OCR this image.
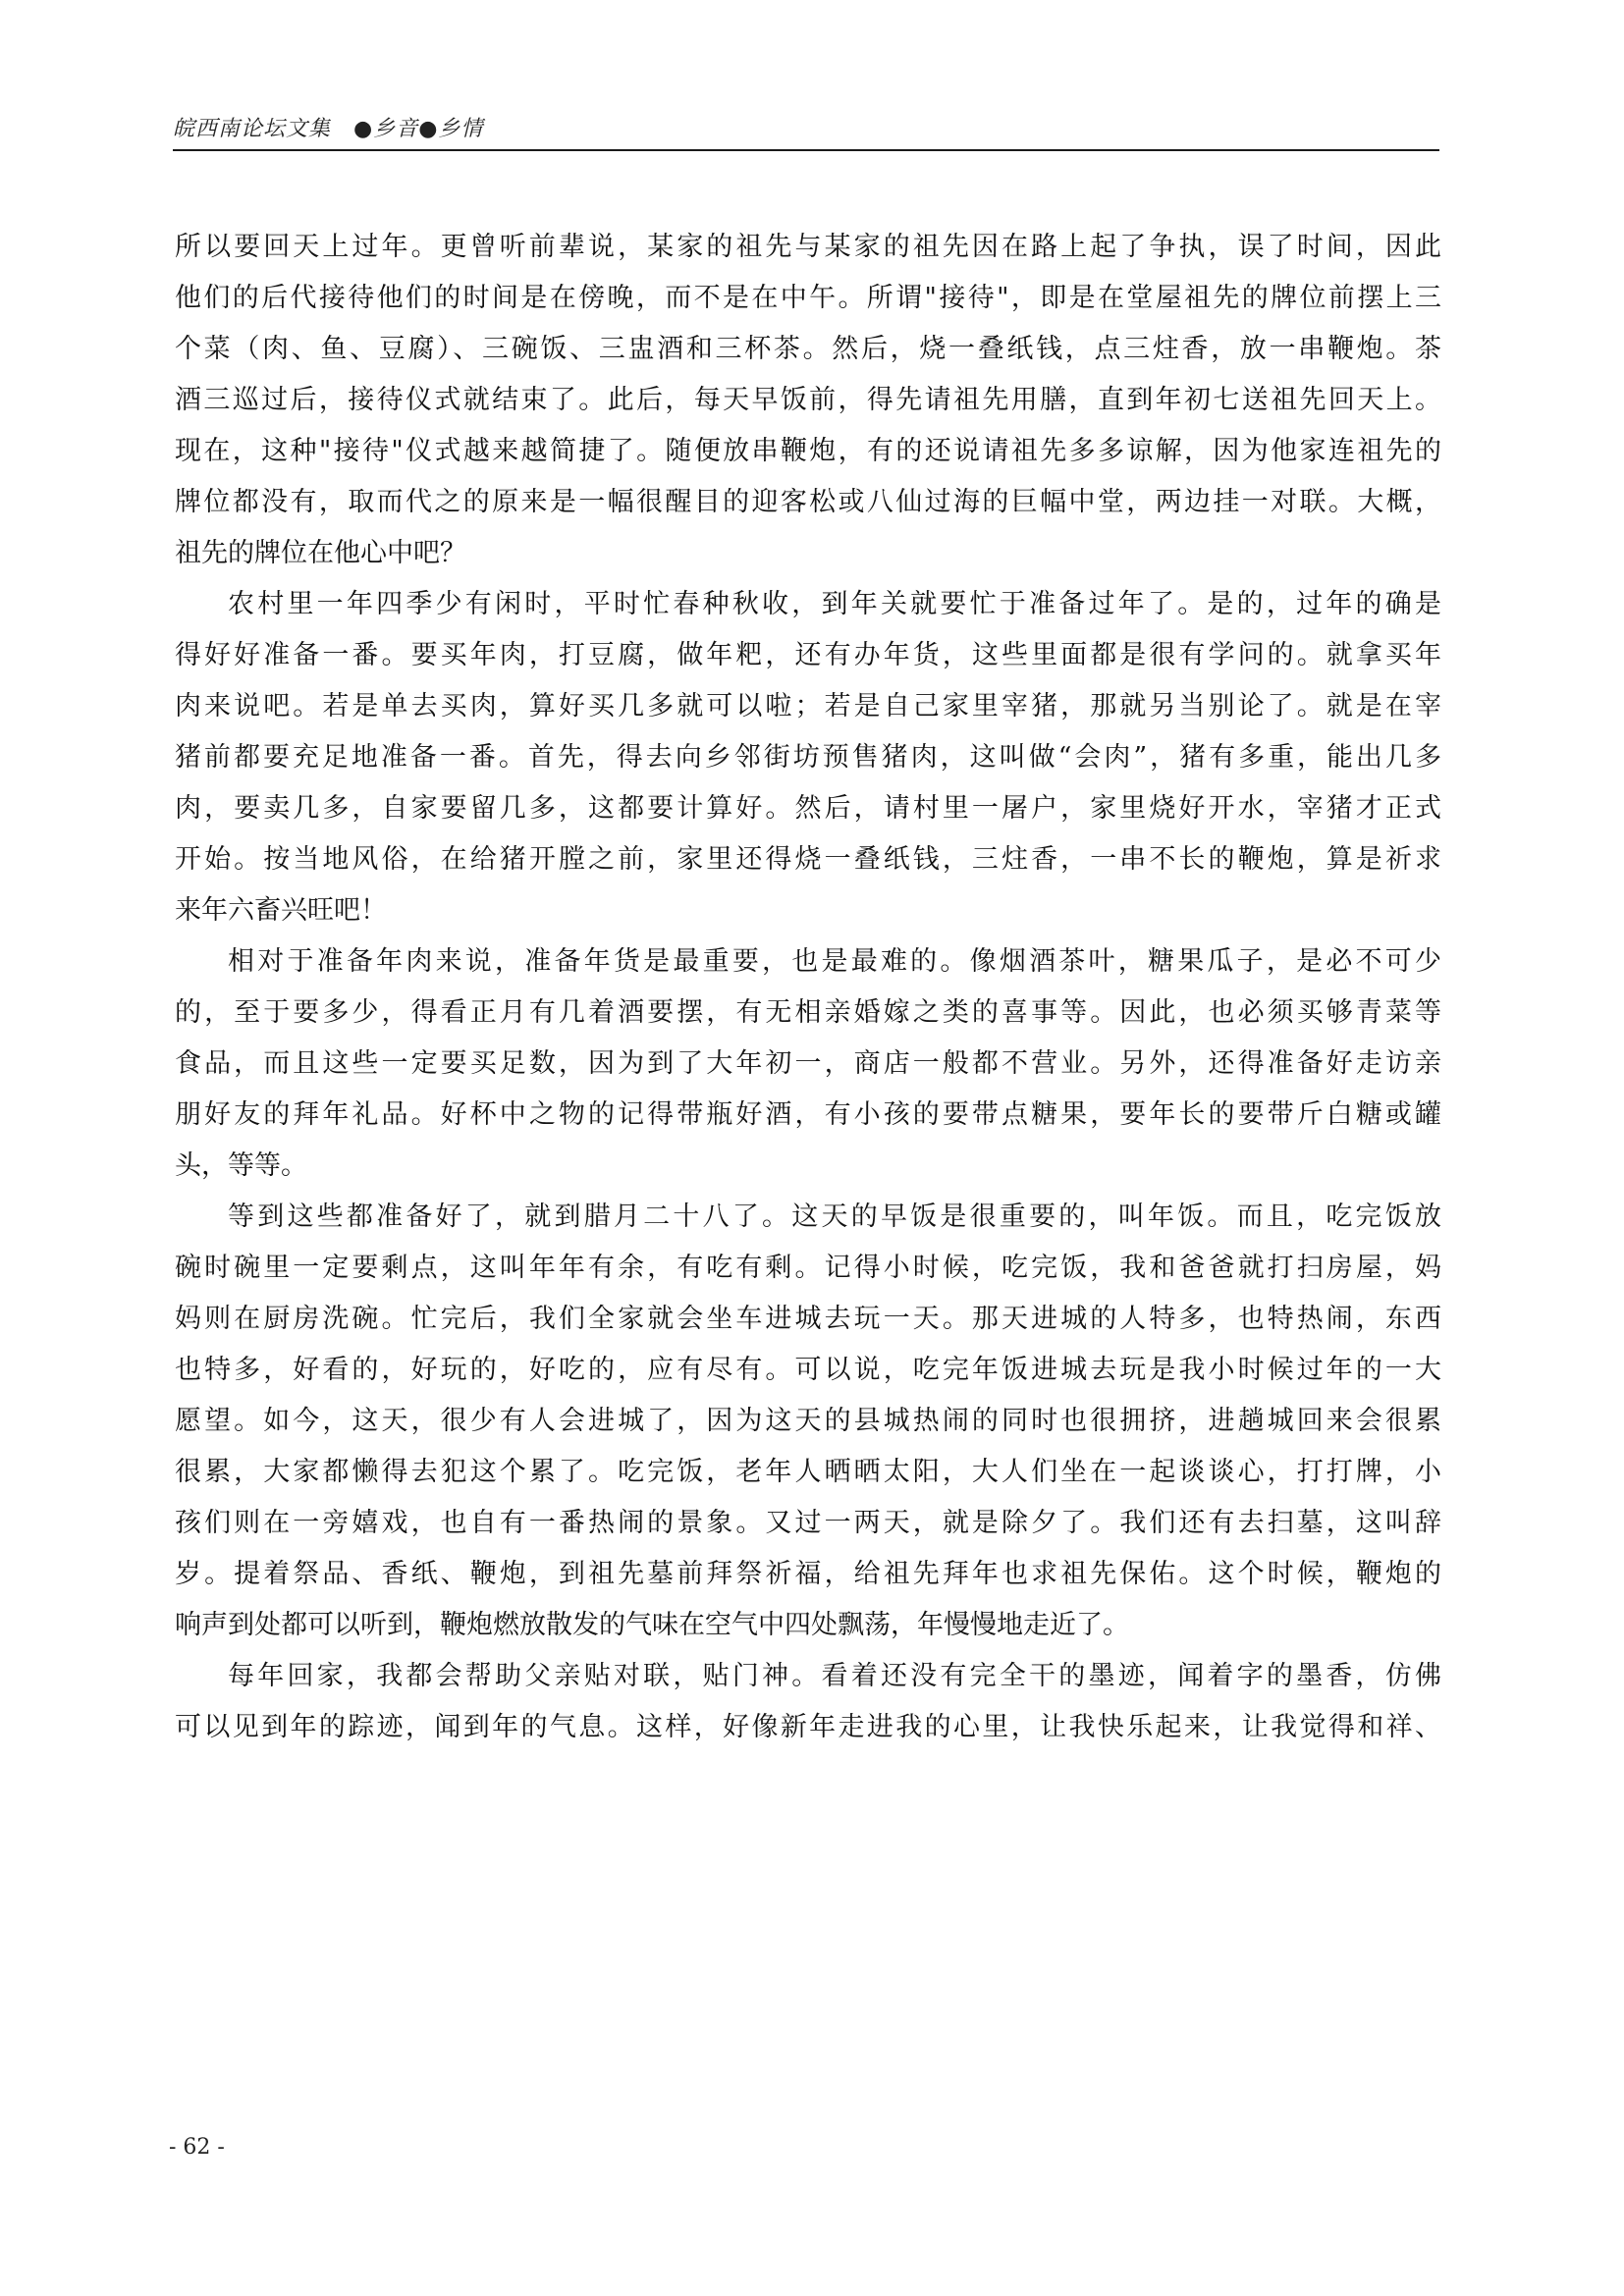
皖西南论坛文集　●乡音●乡情
所以要回天上过年。更曾听前辈说，某家的祖先与某家的祖先因在路上起了争执，误了时间，因此
他们的后代接待他们的时间是在傍晚，而不是在中午。所谓"接待"，即是在堂屋祖先的牌位前摆上三
个菜（肉、鱼、豆腐）、三碗饭、三盅酒和三杯茶。然后，烧一叠纸钱，点三炷香，放一串鞭炮。茶
酒三巡过后，接待仪式就结束了。此后，每天早饭前，得先请祖先用膳，直到年初七送祖先回天上。
现在，这种"接待"仪式越来越简捷了。随便放串鞭炮，有的还说请祖先多多谅解，因为他家连祖先的
牌位都没有，取而代之的原来是一幅很醒目的迎客松或八仙过海的巨幅中堂，两边挂一对联。大概，
祖先的牌位在他心中吧？
农村里一年四季少有闲时，平时忙春种秋收，到年关就要忙于准备过年了。是的，过年的确是
得好好准备一番。要买年肉，打豆腐，做年粑，还有办年货，这些里面都是很有学问的。就拿买年
肉来说吧。若是单去买肉，算好买几多就可以啦；若是自己家里宰猪，那就另当别论了。就是在宰
猪前都要充足地准备一番。首先，得去向乡邻街坊预售猪肉，这叫做“会肉”，猪有多重，能出几多
肉，要卖几多，自家要留几多，这都要计算好。然后，请村里一屠户，家里烧好开水，宰猪才正式
开始。按当地风俗，在给猪开膛之前，家里还得烧一叠纸钱，三炷香，一串不长的鞭炮，算是祈求
来年六畜兴旺吧！
相对于准备年肉来说，准备年货是最重要，也是最难的。像烟酒茶叶，糖果瓜子，是必不可少
的，至于要多少，得看正月有几着酒要摆，有无相亲婚嫁之类的喜事等。因此，也必须买够青菜等
食品，而且这些一定要买足数，因为到了大年初一，商店一般都不营业。另外，还得准备好走访亲
朋好友的拜年礼品。好杯中之物的记得带瓶好酒，有小孩的要带点糖果，要年长的要带斤白糖或罐
头，等等。
等到这些都准备好了，就到腊月二十八了。这天的早饭是很重要的，叫年饭。而且，吃完饭放
碗时碗里一定要剩点，这叫年年有余，有吃有剩。记得小时候，吃完饭，我和爸爸就打扫房屋，妈
妈则在厨房洗碗。忙完后，我们全家就会坐车进城去玩一天。那天进城的人特多，也特热闹，东西
也特多，好看的，好玩的，好吃的，应有尽有。可以说，吃完年饭进城去玩是我小时候过年的一大
愿望。如今，这天，很少有人会进城了，因为这天的县城热闹的同时也很拥挤，进趟城回来会很累
很累，大家都懒得去犯这个累了。吃完饭，老年人晒晒太阳，大人们坐在一起谈谈心，打打牌，小
孩们则在一旁嬉戏，也自有一番热闹的景象。又过一两天，就是除夕了。我们还有去扫墓，这叫辞
岁。提着祭品、香纸、鞭炮，到祖先墓前拜祭祈福，给祖先拜年也求祖先保佑。这个时候，鞭炮的
响声到处都可以听到，鞭炮燃放散发的气味在空气中四处飘荡，年慢慢地走近了。
每年回家，我都会帮助父亲贴对联，贴门神。看着还没有完全干的墨迹，闻着字的墨香，仿佛
可以见到年的踪迹，闻到年的气息。这样，好像新年走进我的心里，让我快乐起来，让我觉得和祥、
- 62 -
